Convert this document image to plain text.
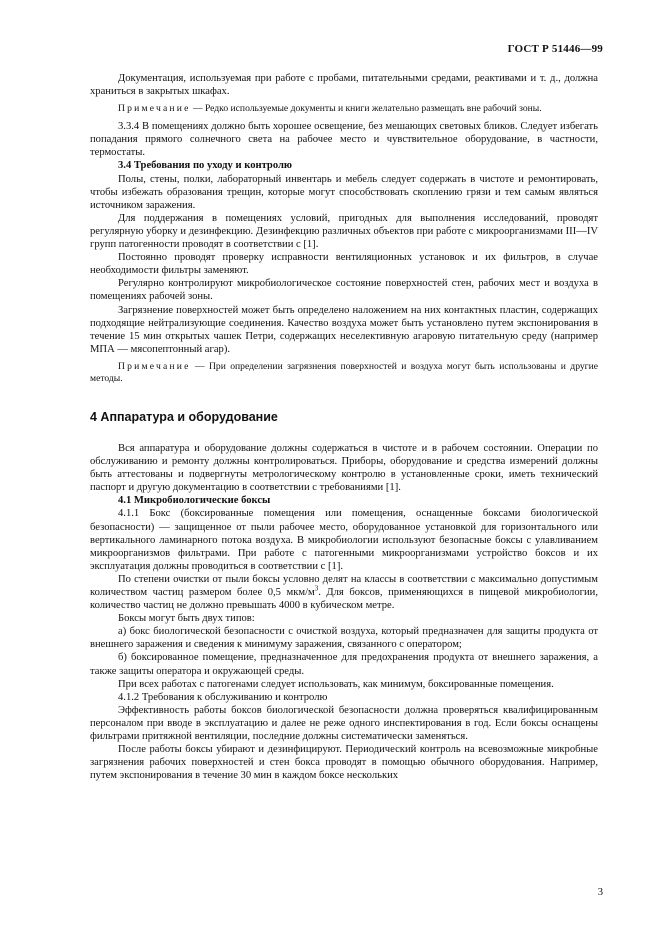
ГОСТ Р 51446—99

Документация, используемая при работе с пробами, питательными средами, реактивами и т. д., должна храниться в закрытых шкафах.

Примечание — Редко используемые документы и книги желательно размещать вне рабочий зоны.

3.3.4 В помещениях должно быть хорошее освещение, без мешающих световых бликов. Следует избегать попадания прямого солнечного света на рабочее место и чувствительное оборудование, в частности, термостаты.

3.4 Требования по уходу и контролю

Полы, стены, полки, лабораторный инвентарь и мебель следует содержать в чистоте и ремонтировать, чтобы избежать образования трещин, которые могут способствовать скоплению грязи и тем самым являться источником заражения.

Для поддержания в помещениях условий, пригодных для выполнения исследований, проводят регулярную уборку и дезинфекцию. Дезинфекцию различных объектов при работе с микроорганизмами III—IV групп патогенности проводят в соответствии с [1].

Постоянно проводят проверку исправности вентиляционных установок и их фильтров, в случае необходимости фильтры заменяют.

Регулярно контролируют микробиологическое состояние поверхностей стен, рабочих мест и воздуха в помещениях рабочей зоны.

Загрязнение поверхностей может быть определено наложением на них контактных пластин, содержащих подходящие нейтрализующие соединения. Качество воздуха может быть установлено путем экспонирования в течение 15 мин открытых чашек Петри, содержащих неселективную агаровую питательную среду (например МПА — мясопептонный агар).

Примечание — При определении загрязнения поверхностей и воздуха могут быть использованы и другие методы.

4 Аппаратура и оборудование

Вся аппаратура и оборудование должны содержаться в чистоте и в рабочем состоянии. Операции по обслуживанию и ремонту должны контролироваться. Приборы, оборудование и средства измерений должны быть аттестованы и подвергнуты метрологическому контролю в установленные сроки, иметь технический паспорт и другую документацию в соответствии с требованиями [1].

4.1 Микробиологические боксы

4.1.1 Бокс (боксированные помещения или помещения, оснащенные боксами биологической безопасности) — защищенное от пыли рабочее место, оборудованное установкой для горизонтального или вертикального ламинарного потока воздуха. В микробиологии используют безопасные боксы с улавливанием микроорганизмов фильтрами. При работе с патогенными микроорганизмами устройство боксов и их эксплуатация должны проводиться в соответствии с [1].

По степени очистки от пыли боксы условно делят на классы в соответствии с максимально допустимым количеством частиц размером более 0,5 мкм/$м^3$. Для боксов, применяющихся в пищевой микробиологии, количество частиц не должно превышать 4000 в кубическом метре.

Боксы могут быть двух типов:

а) бокс биологической безопасности с очисткой воздуха, который предназначен для защиты продукта от внешнего заражения и сведения к минимуму заражения, связанного с оператором;

б) боксированное помещение, предназначенное для предохранения продукта от внешнего заражения, а также защиты оператора и окружающей среды.

При всех работах с патогенами следует использовать, как минимум, боксированные помещения.

4.1.2 Требования к обслуживанию и контролю

Эффективность работы боксов биологической безопасности должна проверяться квалифицированным персоналом при вводе в эксплуатацию и далее не реже одного инспектирования в год. Если боксы оснащены фильтрами притяжной вентиляции, последние должны систематически заменяться.

После работы боксы убирают и дезинфицируют. Периодический контроль на всевозможные микробные загрязнения рабочих поверхностей и стен бокса проводят в помощью обычного оборудования. Например, путем экспонирования в течение 30 мин в каждом боксе нескольких

3
